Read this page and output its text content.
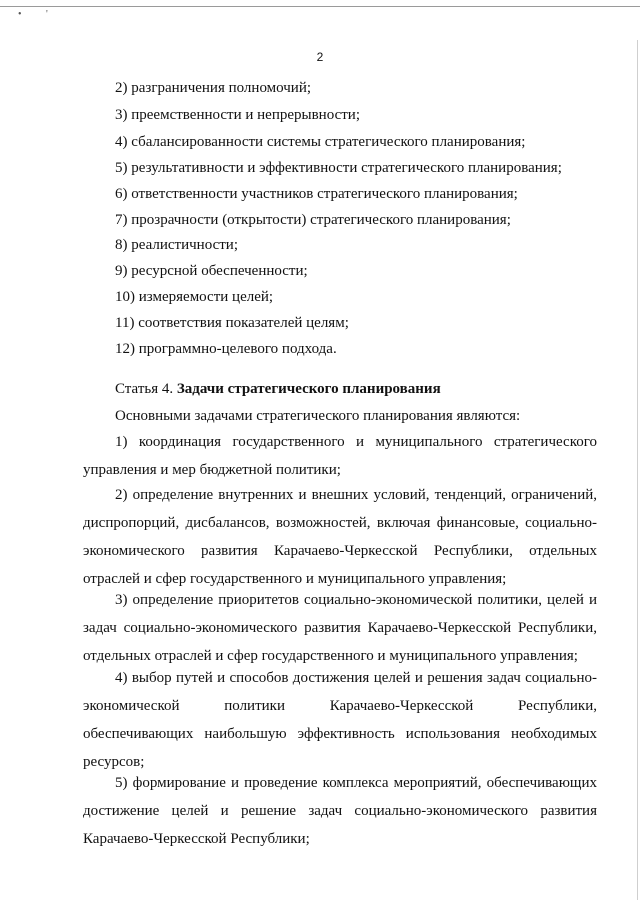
• '
2
2) разграничения полномочий;
3) преемственности и непрерывности;
4) сбалансированности системы стратегического планирования;
5) результативности и эффективности стратегического планирования;
6) ответственности участников стратегического планирования;
7) прозрачности (открытости) стратегического планирования;
8) реалистичности;
9) ресурсной обеспеченности;
10) измеряемости целей;
11) соответствия показателей целям;
12) программно-целевого подхода.
Статья 4. Задачи стратегического планирования
Основными задачами стратегического планирования являются:
1) координация государственного и муниципального стратегического
управления и мер бюджетной политики;
2) определение внутренних и внешних условий, тенденций, ограничений,
диспропорций, дисбалансов, возможностей, включая финансовые, социально-
экономического развития Карачаево-Черкесской Республики, отдельных
отраслей и сфер государственного и муниципального управления;
3) определение приоритетов социально-экономической политики, целей и
задач социально-экономического развития Карачаево-Черкесской Республики,
отдельных отраслей и сфер государственного и муниципального управления;
4) выбор путей и способов достижения целей и решения задач социально-
экономической политики Карачаево-Черкесской Республики,
обеспечивающих наибольшую эффективность использования необходимых
ресурсов;
5) формирование и проведение комплекса мероприятий, обеспечивающих
достижение целей и решение задач социально-экономического развития
Карачаево-Черкесской Республики;
